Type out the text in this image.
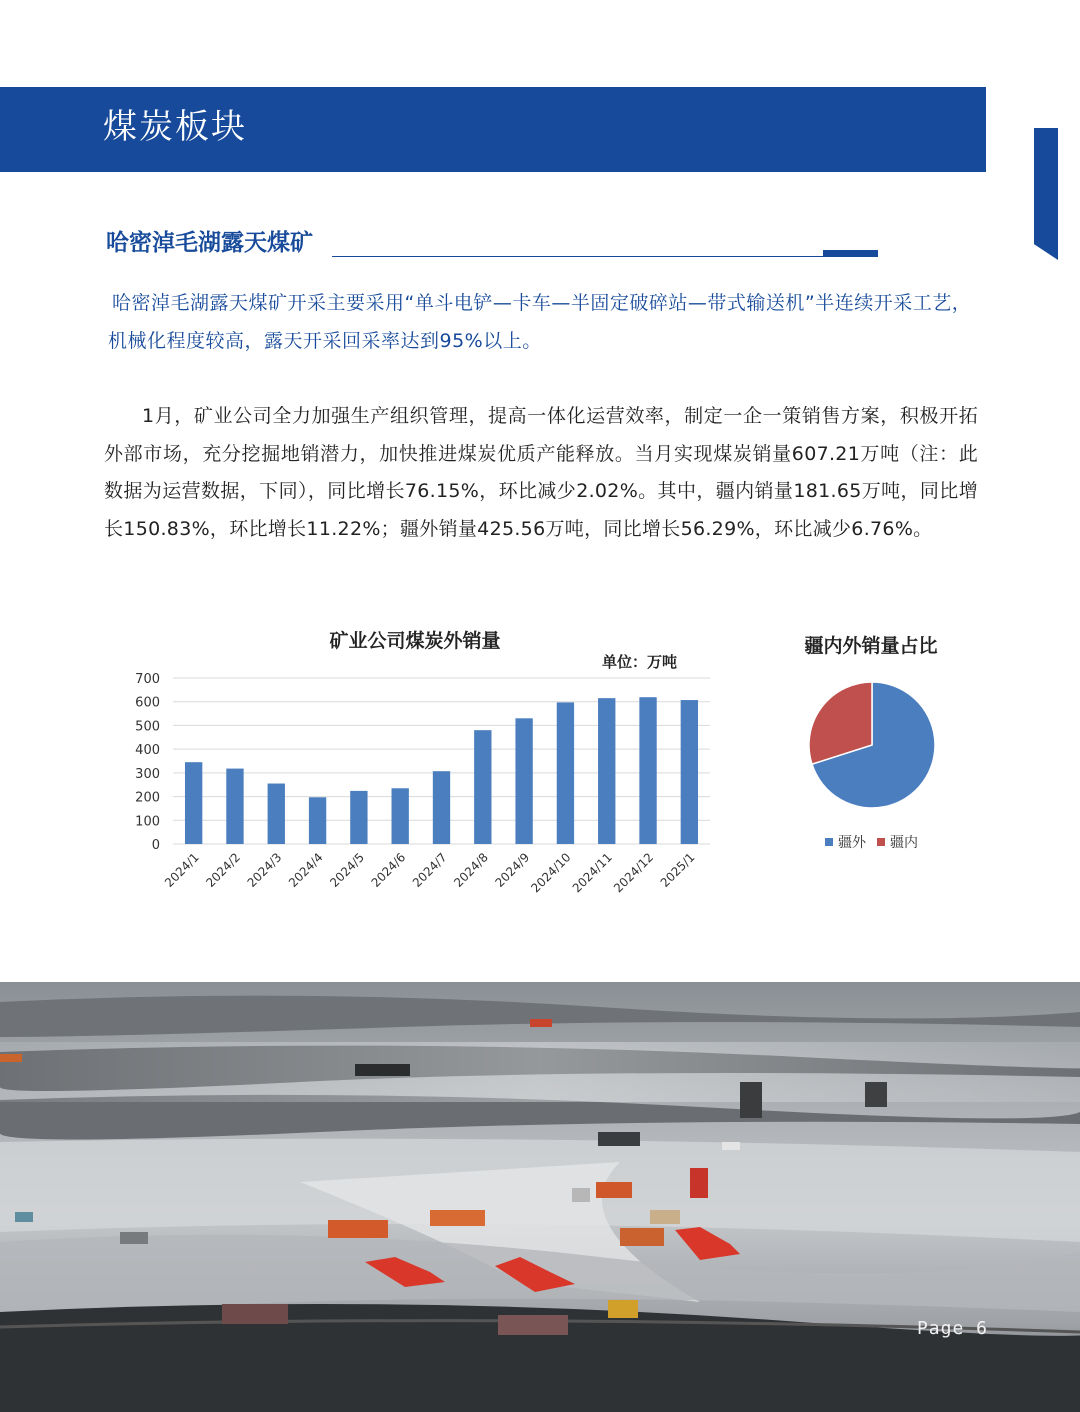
煤炭板块
哈密淖毛湖露天煤矿
哈密淖毛湖露天煤矿开采主要采用“单斗电铲—卡车—半固定破碎站—带式输送机”半连续开采工艺，机械化程度较高，露天开采回采率达到95%以上。
1月，矿业公司全力加强生产组织管理，提高一体化运营效率，制定一企一策销售方案，积极开拓外部市场，充分挖掘地销潜力，加快推进煤炭优质产能释放。当月实现煤炭销量607.21万吨（注：此数据为运营数据，下同），同比增长76.15%，环比减少2.02%。其中，疆内销量181.65万吨，同比增长150.83%，环比增长11.22%；疆外销量425.56万吨，同比增长56.29%，环比减少6.76%。
矿业公司煤炭外销量
单位：万吨
2024/1 2024/2 2024/3 2024/4 2024/5 2024/6 2024/7 2024/8 2024/9
2024/10
2024/11
2024/12 2025/1
0
100
200
300
400
500
600
700
疆内外销量占比
疆外 疆内
Page 6
